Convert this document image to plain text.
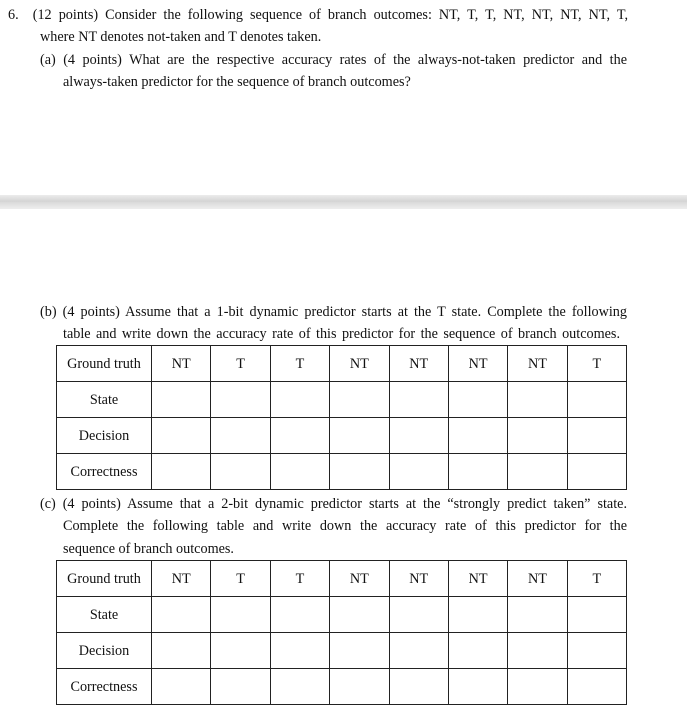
6. (12 points) Consider the following sequence of branch outcomes: NT, T, T, NT, NT, NT, NT, T,
where NT denotes not-taken and T denotes taken.
(a) (4 points) What are the respective accuracy rates of the always-not-taken predictor and the
always-taken predictor for the sequence of branch outcomes?
(b) (4 points) Assume that a 1-bit dynamic predictor starts at the T state. Complete the following
table and write down the accuracy rate of this predictor for the sequence of branch outcomes.
Ground truth	NT	T	T	NT	NT	NT	NT	T
State								
Decision								
Correctness								
(c) (4 points) Assume that a 2-bit dynamic predictor starts at the “strongly predict taken” state.
Complete the following table and write down the accuracy rate of this predictor for the
sequence of branch outcomes.
Ground truth	NT	T	T	NT	NT	NT	NT	T
State								
Decision								
Correctness								
